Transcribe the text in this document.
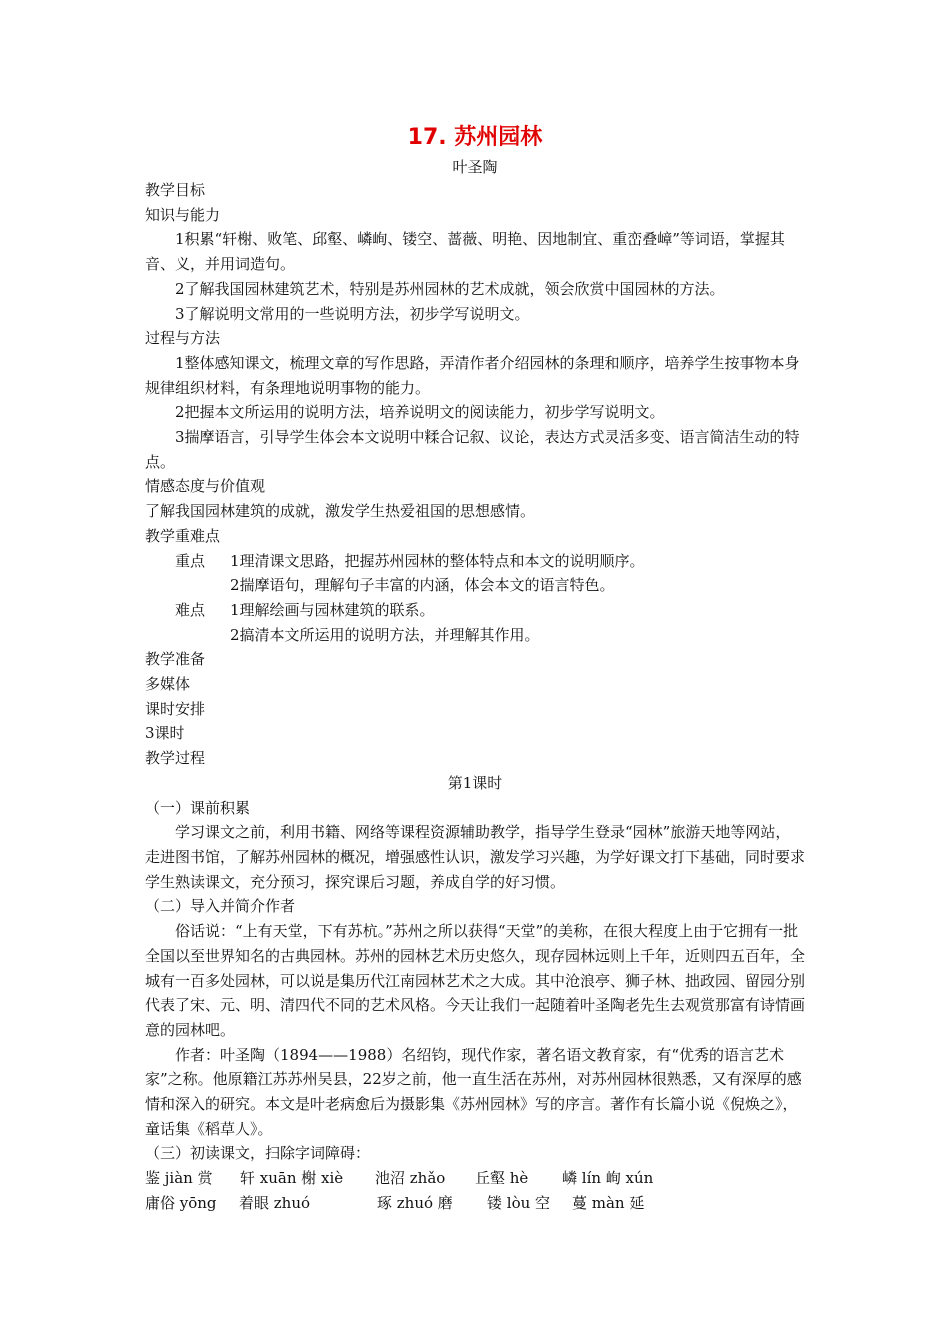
17. 苏州园林
叶圣陶

教学目标

知识与能力

1积累“轩榭、败笔、邱壑、嶙峋、镂空、蔷薇、明艳、因地制宜、重峦叠嶂”等词语，掌握其音、义，并用词造句。

2了解我国园林建筑艺术，特别是苏州园林的艺术成就，领会欣赏中国园林的方法。

3了解说明文常用的一些说明方法，初步学写说明文。

过程与方法

1整体感知课文，梳理文章的写作思路，弄清作者介绍园林的条理和顺序，培养学生按事物本身规律组织材料，有条理地说明事物的能力。

2把握本文所运用的说明方法，培养说明文的阅读能力，初步学写说明文。

3揣摩语言，引导学生体会本文说明中糅合记叙、议论，表达方式灵活多变、语言简洁生动的特点。

情感态度与价值观

了解我国园林建筑的成就，激发学生热爱祖国的思想感情。

教学重难点

重点	1理清课文思路，把握苏州园林的整体特点和本文的说明顺序。

2揣摩语句，理解句子丰富的内涵，体会本文的语言特色。

难点	1理解绘画与园林建筑的联系。

2搞清本文所运用的说明方法，并理解其作用。

教学准备

多媒体

课时安排

3课时

教学过程

第1课时

（一）课前积累

学习课文之前，利用书籍、网络等课程资源辅助教学，指导学生登录“园林”旅游天地等网站，走进图书馆，了解苏州园林的概况，增强感性认识，激发学习兴趣，为学好课文打下基础，同时要求学生熟读课文，充分预习，探究课后习题，养成自学的好习惯。

（二）导入并简介作者

俗话说：“上有天堂，下有苏杭。”苏州之所以获得“天堂”的美称，在很大程度上由于它拥有一批全国以至世界知名的古典园林。苏州的园林艺术历史悠久，现存园林远则上千年，近则四五百年，全城有一百多处园林，可以说是集历代江南园林艺术之大成。其中沧浪亭、狮子林、拙政园、留园分别代表了宋、元、明、清四代不同的艺术风格。今天让我们一起随着叶圣陶老先生去观赏那富有诗情画意的园林吧。

作者：叶圣陶（1894——1988）名绍钧，现代作家，著名语文教育家，有“优秀的语言艺术家”之称。他原籍江苏苏州吴县，22岁之前，他一直生活在苏州，对苏州园林很熟悉，又有深厚的感情和深入的研究。本文是叶老病愈后为摄影集《苏州园林》写的序言。著作有长篇小说《倪焕之》，童话集《稻草人》。

（三）初读课文，扫除字词障碍：

鉴 jiàn 赏 轩 xuān 榭 xiè 池沼 zhǎo 丘壑 hè 嶙 lín 峋 xún

庸俗 yōng 着眼 zhuó	琢 zhuó 磨 镂 lòu 空 蔓 màn 延
